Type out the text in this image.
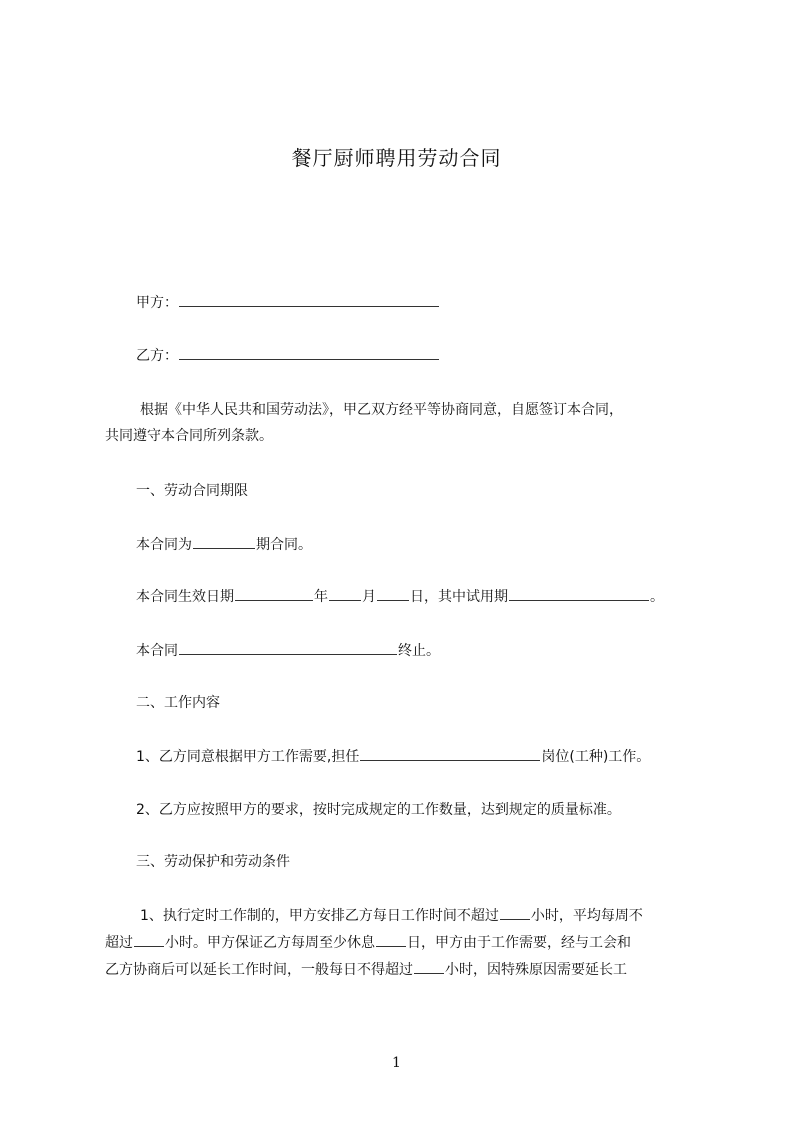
餐厅厨师聘用劳动合同
甲方：
乙方：
根据《中华人民共和国劳动法》，甲乙双方经平等协商同意，自愿签订本合同，
共同遵守本合同所列条款。
一、劳动合同期限
本合同为	期合同。
本合同生效日期	年 月 日，其中试用期	。
本合同	终止。
二、工作内容
1、乙方同意根据甲方工作需要,担任	岗位(工种)工作。
2、乙方应按照甲方的要求，按时完成规定的工作数量，达到规定的质量标准。
三、劳动保护和劳动条件
1、执行定时工作制的，甲方安排乙方每日工作时间不超过 小时，平均每周不
超过 小时。甲方保证乙方每周至少休息 日，甲方由于工作需要，经与工会和
乙方协商后可以延长工作时间，一般每日不得超过 小时，因特殊原因需要延长工
1
